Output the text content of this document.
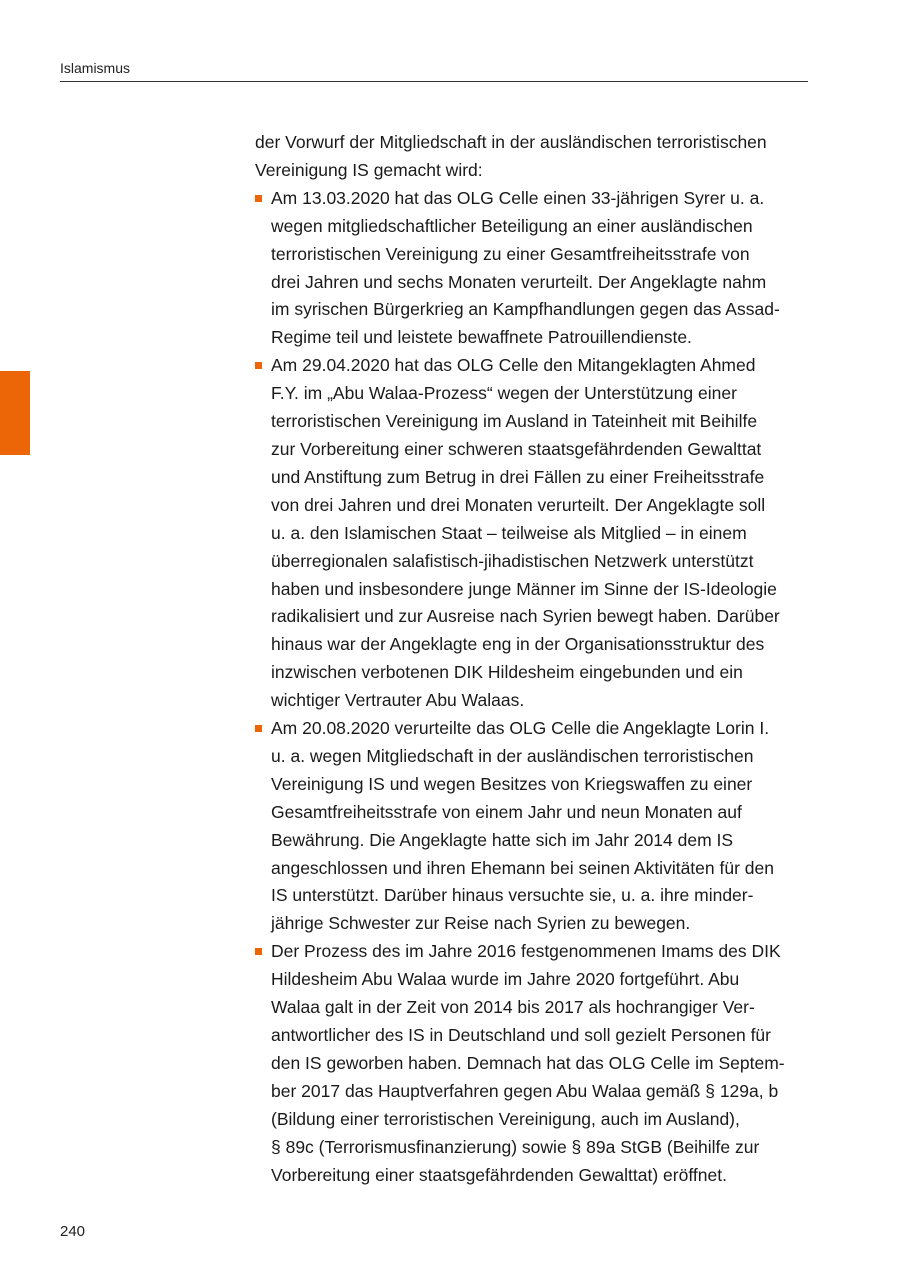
Islamismus

der Vorwurf der Mitgliedschaft in der ausländischen terroristischen
Vereinigung IS gemacht wird:

Am 13.03.2020 hat das OLG Celle einen 33-jährigen Syrer u. a.
wegen mitgliedschaftlicher Beteiligung an einer ausländischen
terroristischen Vereinigung zu einer Gesamtfreiheitsstrafe von
drei Jahren und sechs Monaten verurteilt. Der Angeklagte nahm
im syrischen Bürgerkrieg an Kampfhandlungen gegen das Assad-
Regime teil und leistete bewaffnete Patrouillendienste.
Am 29.04.2020 hat das OLG Celle den Mitangeklagten Ahmed
F.Y. im „Abu Walaa-Prozess“ wegen der Unterstützung einer
terroristischen Vereinigung im Ausland in Tateinheit mit Beihilfe
zur Vorbereitung einer schweren staatsgefährdenden Gewalttat
und Anstiftung zum Betrug in drei Fällen zu einer Freiheitsstrafe
von drei Jahren und drei Monaten verurteilt. Der Angeklagte soll
u. a. den Islamischen Staat – teilweise als Mitglied – in einem
überregionalen salafistisch-jihadistischen Netzwerk unterstützt
haben und insbesondere junge Männer im Sinne der IS-Ideologie
radikalisiert und zur Ausreise nach Syrien bewegt haben. Darüber
hinaus war der Angeklagte eng in der Organisationsstruktur des
inzwischen verbotenen DIK Hildesheim eingebunden und ein
wichtiger Vertrauter Abu Walaas.
Am 20.08.2020 verurteilte das OLG Celle die Angeklagte Lorin I.
u. a. wegen Mitgliedschaft in der ausländischen terroristischen
Vereinigung IS und wegen Besitzes von Kriegswaffen zu einer
Gesamtfreiheitsstrafe von einem Jahr und neun Monaten auf
Bewährung. Die Angeklagte hatte sich im Jahr 2014 dem IS
angeschlossen und ihren Ehemann bei seinen Aktivitäten für den
IS unterstützt. Darüber hinaus versuchte sie, u. a. ihre minder-
jährige Schwester zur Reise nach Syrien zu bewegen.
Der Prozess des im Jahre 2016 festgenommenen Imams des DIK
Hildesheim Abu Walaa wurde im Jahre 2020 fortgeführt. Abu
Walaa galt in der Zeit von 2014 bis 2017 als hochrangiger Ver-
antwortlicher des IS in Deutschland und soll gezielt Personen für
den IS geworben haben. Demnach hat das OLG Celle im Septem-
ber 2017 das Hauptverfahren gegen Abu Walaa gemäß § 129a, b
(Bildung einer terroristischen Vereinigung, auch im Ausland),
§ 89c (Terrorismusfinanzierung) sowie § 89a StGB (Beihilfe zur
Vorbereitung einer staatsgefährdenden Gewalttat) eröffnet.
240
